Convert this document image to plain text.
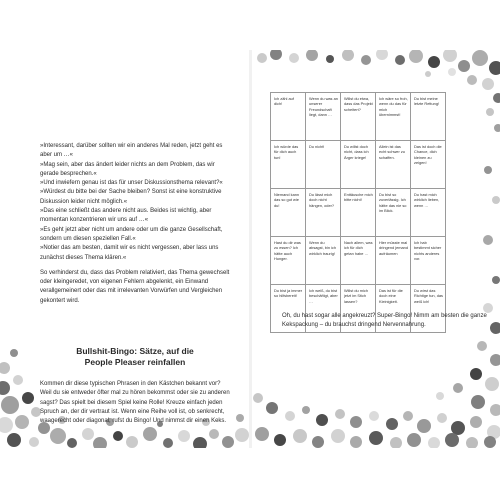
»Interessant, darüber sollten wir ein anderes Mal reden, jetzt geht es aber um …«

»Mag sein, aber das ändert leider nichts an dem Problem, das wir gerade besprechen.«

»Und inwiefern genau ist das für unser Diskussionsthema relevant?«

»Würdest du bitte bei der Sache bleiben? Sonst ist eine konstruktive Diskussion leider nicht möglich.«

»Das eine schließt das andere nicht aus. Beides ist wichtig, aber momentan konzentrieren wir uns auf …«

»Es geht jetzt aber nicht um andere oder um die ganze Gesellschaft, sondern um diesen speziellen Fall.«

»Notier das am besten, damit wir es nicht vergessen, aber lass uns zunächst dieses Thema klären.«

So verhinderst du, dass das Problem relativiert, das Thema gewechselt oder kleingeredet, von eigenen Fehlern abgelenkt, ein Einwand verallgemeinert oder das mit irrelevanten Vorwürfen und Vergleichen gekontert wird.

Bullshit-Bingo: Sätze, auf die
People Pleaser reinfallen
Kommen dir diese typischen Phrasen in den Kästchen bekannt vor? Weil du sie entweder öfter mal zu hören bekommst oder sie zu anderen sagst? Das spielt bei diesem Spiel keine Rolle! Kreuze einfach jeden Spruch an, der dir vertraut ist. Wenn eine Reihe voll ist, ob senkrecht, waagerecht oder diagonal, rufst du Bingo! Und nimmst dir einen Keks.
Ich zähl auf dich!	Wenn du was an unserer Freundschaft liegt, dann …	Willst du etwa, dass das Projekt scheitert?	Ich wäre so froh, wenn du das für mich übernimmst!	Du bist meine letzte Rettung!
Ich würde das für dich auch tun!	Du nicht!	Du willst doch nicht, dass ich Ärger kriege!	Allein ist das echt schwer zu schaffen.	Das ist doch die Chance, dich kleinen zu zeigen!
Niemand kann das so gut wie du!	Du lässt mich doch nicht hängen, oder?	Enttäusche mich bitte nicht!	Du bist so zuverlässig. Ich hätte das nie so im Blick.	Du hast mich wirklich lieben, wenn …
Hast du dir was zu essen? Ich hätte auch Hunger.	Wenn du absagst, bin ich wirklich traurig!	Nach allem, was ich für dich getan habe …	Hier müsste mal dringend jemand aufräumen	Ich hab bestimmt sicher nichts anderes vor.
Du bist ja immer so hilfsbereit!	Ich weiß, du bist beschäftigt, aber …	Willst du mich jetzt im Stich lassen?	Das ist für die doch eine Kleinigkeit.	Du wirst das Richtige tun, das weiß ich!
Oh, du hast sogar alle angekreuzt? Super-Bingo! Nimm am besten die ganze Kekspackung – du brauchst dringend Nervennahrung.
